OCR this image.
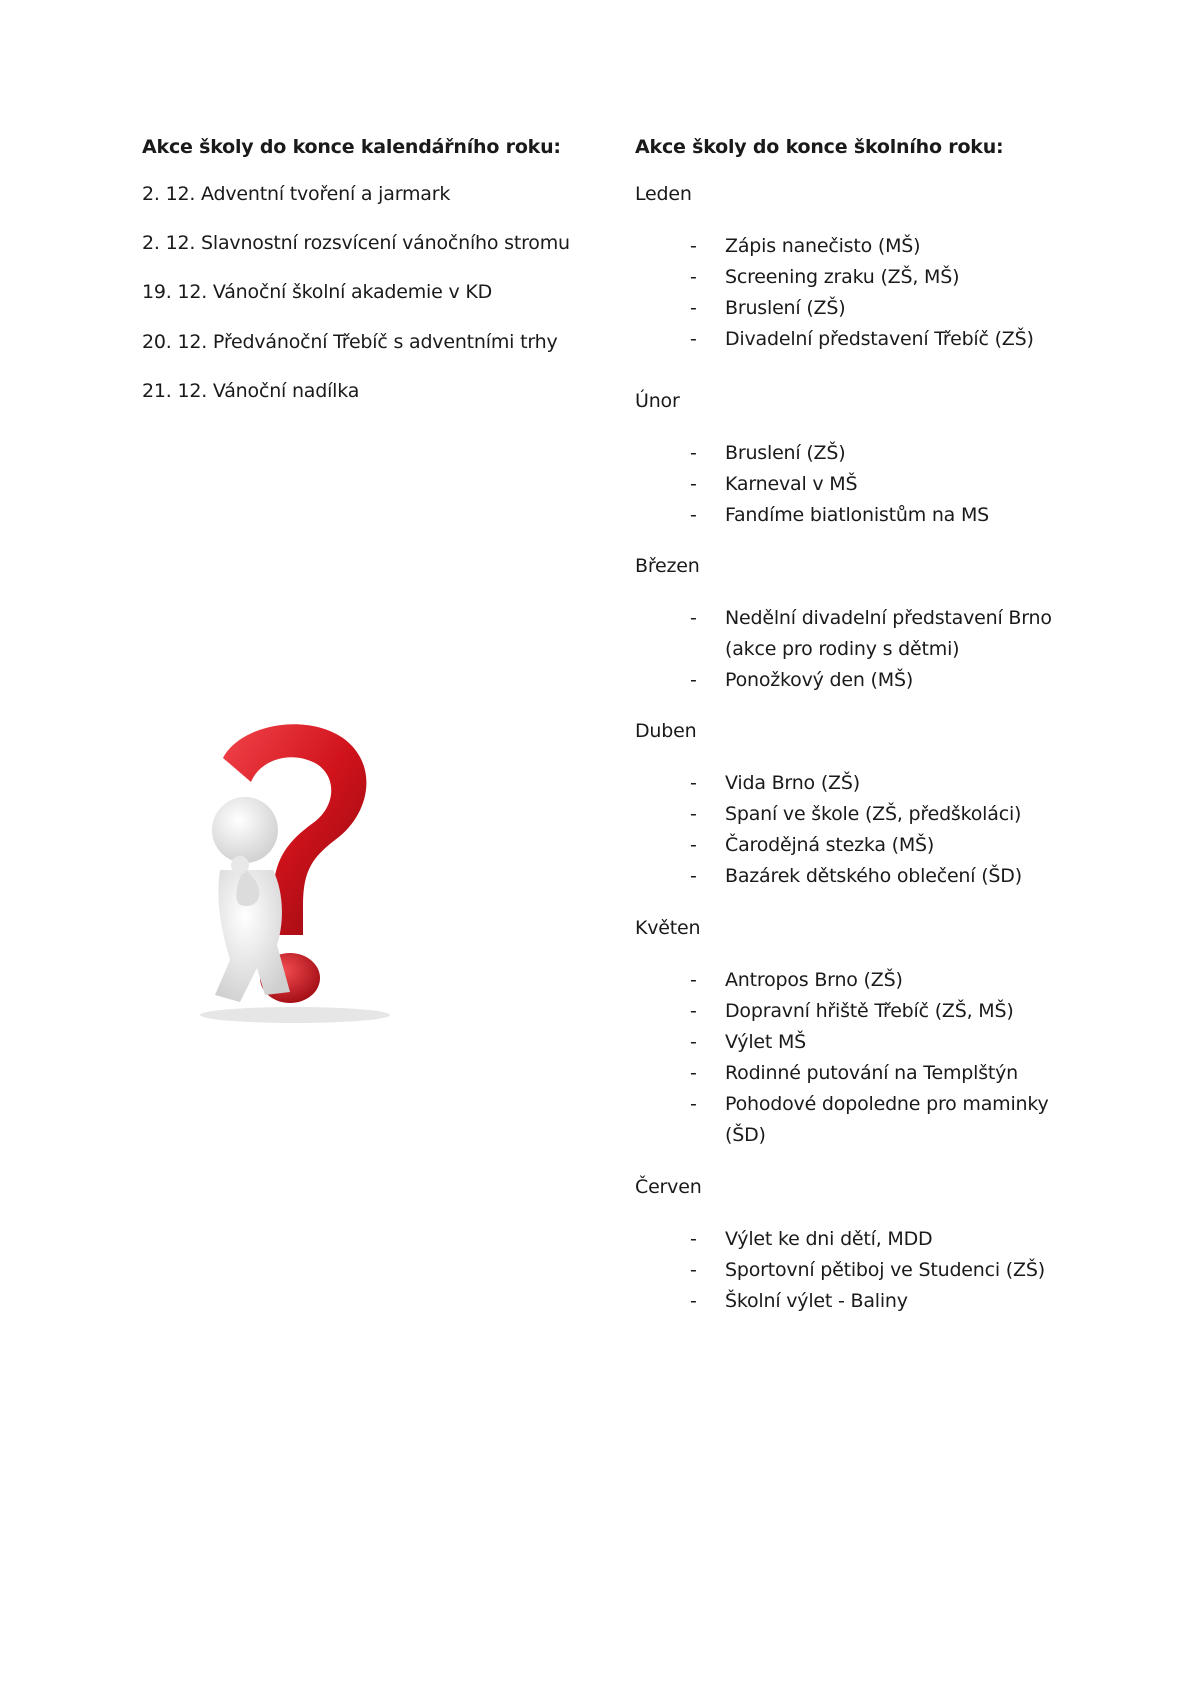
Akce školy do konce kalendářního roku:
2. 12. Adventní tvoření a jarmark
2. 12. Slavnostní rozsvícení vánočního stromu
19. 12. Vánoční školní akademie v KD
20. 12. Předvánoční Třebíč s adventními trhy
21. 12. Vánoční nadílka
Akce školy do konce školního roku:
Leden
-	Zápis nanečisto (MŠ)
-	Screening zraku (ZŠ, MŠ)
-	Bruslení (ZŠ)
-	Divadelní představení Třebíč (ZŠ)
Únor
-	Bruslení (ZŠ)
-	Karneval v MŠ
-	Fandíme biatlonistům na MS
Březen
-	Nedělní divadelní představení Brno (akce pro rodiny s dětmi)
-	Ponožkový den (MŠ)
Duben
-	Vida Brno (ZŠ)
-	Spaní ve škole (ZŠ, předškoláci)
-	Čarodějná stezka (MŠ)
-	Bazárek dětského oblečení (ŠD)
Květen
-	Antropos Brno (ZŠ)
-	Dopravní hřiště Třebíč (ZŠ, MŠ)
-	Výlet MŠ
-	Rodinné putování na Templštýn
-	Pohodové dopoledne pro maminky (ŠD)
Červen
-	Výlet ke dni dětí, MDD
-	Sportovní pětiboj ve Studenci (ZŠ)
-	Školní výlet - Baliny
